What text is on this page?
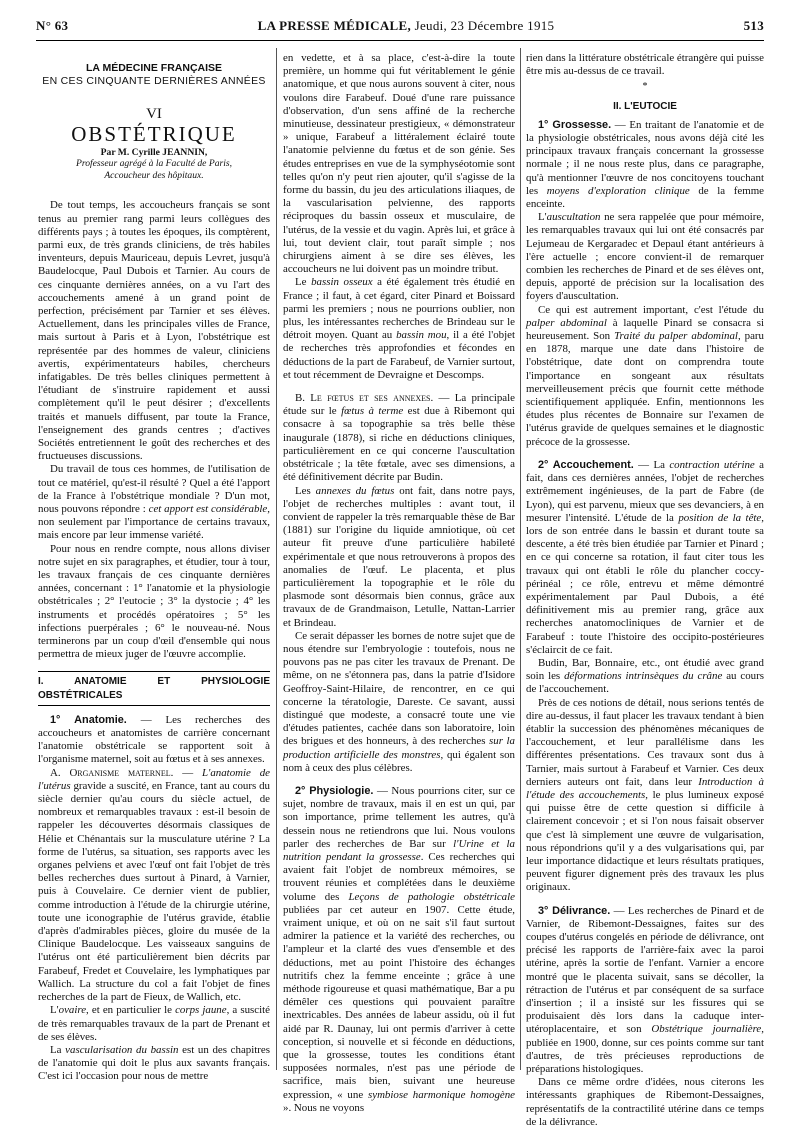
N° 63	LA PRESSE MÉDICALE, Jeudi, 23 Décembre 1915	513
LA MÉDECINE FRANÇAISE
EN CES CINQUANTE DERNIÈRES ANNÉES
VI
OBSTÉTRIQUE
Par M. Cyrille JEANNIN,
Professeur agrégé à la Faculté de Paris,
Accoucheur des hôpitaux.

De tout temps, les accoucheurs français se sont tenus au premier rang parmi leurs collègues des différents pays ; à toutes les époques, ils comptèrent, parmi eux, de très grands cliniciens, de très habiles inventeurs, depuis Mauriceau, depuis Levret, jusqu'à Baudelocque, Paul Dubois et Tarnier. Au cours de ces cinquante dernières années, on a vu l'art des accouchements amené à un grand point de perfection, précisément par Tarnier et ses élèves. Actuellement, dans les principales villes de France, mais surtout à Paris et à Lyon, l'obstétrique est représentée par des hommes de valeur, cliniciens avertis, expérimentateurs habiles, chercheurs infatigables. De très belles cliniques permettent à l'étudiant de s'instruire rapidement et aussi complètement qu'il le peut désirer ; d'excellents traités et manuels diffusent, par toute la France, l'enseignement des grands centres ; d'actives Sociétés entretiennent le goût des recherches et des fructueuses discussions.

Du travail de tous ces hommes, de l'utilisation de tout ce matériel, qu'est-il résulté ? Quel a été l'apport de la France à l'obstétrique mondiale ? D'un mot, nous pouvons répondre : cet apport est considérable, non seulement par l'importance de certains travaux, mais encore par leur immense variété.

Pour nous en rendre compte, nous allons diviser notre sujet en six paragraphes, et étudier, tour à tour, les travaux français de ces cinquante dernières années, concernant : 1° l'anatomie et la physiologie obstétricales ; 2° l'eutocie ; 3° la dystocie ; 4° les instruments et procédés opératoires ; 5° les infections puerpérales ; 6° le nouveau-né. Nous terminerons par un coup d'œil d'ensemble qui nous permettra de mieux juger de l'œuvre accomplie.

I. ANATOMIE ET PHYSIOLOGIE OBSTÉTRICALES

1° Anatomie. — Les recherches des accoucheurs et anatomistes de carrière concernant l'anatomie obstétricale se rapportent soit à l'organisme maternel, soit au fœtus et à ses annexes.

A. Organisme maternel. — L'anatomie de l'utérus gravide a suscité, en France, tant au cours du siècle dernier qu'au cours du siècle actuel, de nombreux et remarquables travaux : est-il besoin de rappeler les découvertes désormais classiques de Hélie et Chénantais sur la musculature utérine ? La forme de l'utérus, sa situation, ses rapports avec les organes pelviens et avec l'œuf ont fait l'objet de très belles recherches dues surtout à Pinard, à Varnier, puis à Couvelaire. Ce dernier vient de publier, comme introduction à l'étude de la chirurgie utérine, toute une iconographie de l'utérus gravide, établie d'après d'admirables pièces, gloire du musée de la Clinique Baudelocque. Les vaisseaux sanguins de l'utérus ont été particulièrement bien décrits par Farabeuf, Fredet et Couvelaire, les lymphatiques par Wallich. La structure du col a fait l'objet de fines recherches de la part de Fieux, de Wallich, etc.

L'ovaire, et en particulier le corps jaune, a suscité de très remarquables travaux de la part de Prenant et de ses élèves.

La vascularisation du bassin est un des chapitres de l'anatomie qui doit le plus aux savants français. C'est ici l'occasion pour nous de mettre

en vedette, et à sa place, c'est-à-dire la toute première, un homme qui fut véritablement le génie anatomique, et que nous aurons souvent à citer, nous voulons dire Farabeuf. Doué d'une rare puissance d'observation, d'un sens affiné de la recherche minutieuse, dessinateur prestigieux, « démonstrateur » unique, Farabeuf a littéralement éclairé toute l'anatomie pelvienne du fœtus et de son génie. Ses études entreprises en vue de la symphyséotomie sont telles qu'on n'y peut rien ajouter, qu'il s'agisse de la forme du bassin, du jeu des articulations iliaques, de la vascularisation pelvienne, des rapports réciproques du bassin osseux et musculaire, de l'utérus, de la vessie et du vagin. Après lui, et grâce à lui, tout devient clair, tout paraît simple ; nos chirurgiens aiment à se dire ses élèves, les accoucheurs ne lui doivent pas un moindre tribut.

Le bassin osseux a été également très étudié en France ; il faut, à cet égard, citer Pinard et Boissard parmi les premiers ; nous ne pourrions oublier, non plus, les intéressantes recherches de Brindeau sur le détroit moyen. Quant au bassin mou, il a été l'objet de recherches très approfondies et fécondes en déductions de la part de Farabeuf, de Varnier surtout, et tout récemment de Devraigne et Descomps.

B. Le fœtus et ses annexes. — La principale étude sur le fœtus à terme est due à Ribemont qui consacre à sa topographie sa très belle thèse inaugurale (1878), si riche en déductions cliniques, particulièrement en ce qui concerne l'auscultation obstétricale ; la tête fœtale, avec ses dimensions, a été définitivement décrite par Budin.

Les annexes du fœtus ont fait, dans notre pays, l'objet de recherches multiples : avant tout, il convient de rappeler la très remarquable thèse de Bar (1881) sur l'origine du liquide amniotique, où cet auteur fit preuve d'une particulière habileté expérimentale et que nous retrouverons à propos des anomalies de l'œuf. Le placenta, et plus particulièrement la topographie et le rôle du plasmode sont désormais bien connus, grâce aux travaux de de Grandmaison, Letulle, Nattan-Larrier et Brindeau.

Ce serait dépasser les bornes de notre sujet que de nous étendre sur l'embryologie : toutefois, nous ne pouvons pas ne pas citer les travaux de Prenant. De même, on ne s'étonnera pas, dans la patrie d'Isidore Geoffroy-Saint-Hilaire, de rencontrer, en ce qui concerne la tératologie, Dareste. Ce savant, aussi distingué que modeste, a consacré toute une vie d'études patientes, cachée dans son laboratoire, loin des brigues et des honneurs, à des recherches sur la production artificielle des monstres, qui égalent son nom à ceux des plus célèbres.

2° Physiologie. — Nous pourrions citer, sur ce sujet, nombre de travaux, mais il en est un qui, par son importance, prime tellement les autres, qu'à dessein nous ne retiendrons que lui. Nous voulons parler des recherches de Bar sur l'Urine et la nutrition pendant la grossesse. Ces recherches qui avaient fait l'objet de nombreux mémoires, se trouvent réunies et complétées dans le deuxième volume des Leçons de pathologie obstétricale publiées par cet auteur en 1907. Cette étude, vraiment unique, et où on ne sait s'il faut surtout admirer la patience et la variété des recherches, ou l'ampleur et la clarté des vues d'ensemble et des déductions, met au point l'histoire des échanges nutritifs chez la femme enceinte ; grâce à une méthode rigoureuse et quasi mathématique, Bar a pu démêler ces questions qui pouvaient paraître inextricables. Des années de labeur assidu, où il fut aidé par R. Daunay, lui ont permis d'arriver à cette conception, si nouvelle et si féconde en déductions, que la grossesse, toutes les conditions étant supposées normales, n'est pas une période de sacrifice, mais bien, suivant une heureuse expression, « une symbiose harmonique homogène ». Nous ne voyons

rien dans la littérature obstétricale étrangère qui puisse être mis au-dessus de ce travail.

*
II. L'EUTOCIE

1° Grossesse. — En traitant de l'anatomie et de la physiologie obstétricales, nous avons déjà cité les principaux travaux français concernant la grossesse normale ; il ne nous reste plus, dans ce paragraphe, qu'à mentionner l'œuvre de nos concitoyens touchant les moyens d'exploration clinique de la femme enceinte.

L'auscultation ne sera rappelée que pour mémoire, les remarquables travaux qui lui ont été consacrés par Lejumeau de Kergaradec et Depaul étant antérieurs à l'ère actuelle ; encore convient-il de remarquer combien les recherches de Pinard et de ses élèves ont, depuis, apporté de précision sur la localisation des foyers d'auscultation.

Ce qui est autrement important, c'est l'étude du palper abdominal à laquelle Pinard se consacra si heureusement. Son Traité du palper abdominal, paru en 1878, marque une date dans l'histoire de l'obstétrique, date dont on comprendra toute l'importance en songeant aux résultats merveilleusement précis que fournit cette méthode scientifiquement appliquée. Enfin, mentionnons les études plus récentes de Bonnaire sur l'examen de l'utérus gravide de quelques semaines et le diagnostic précoce de la grossesse.

2° Accouchement. — La contraction utérine a fait, dans ces dernières années, l'objet de recherches extrêmement ingénieuses, de la part de Fabre (de Lyon), qui est parvenu, mieux que ses devanciers, à en mesurer l'intensité. L'étude de la position de la tête, lors de son entrée dans le bassin et durant toute sa descente, a été très bien étudiée par Tarnier et Pinard ; en ce qui concerne sa rotation, il faut citer tous les travaux qui ont établi le rôle du plancher coccy-périnéal ; ce rôle, entrevu et même démontré expérimentalement par Paul Dubois, a été définitivement mis au premier rang, grâce aux recherches anatomocliniques de Varnier et de Farabeuf : toute l'histoire des occipito-postérieures s'éclaircit de ce fait.

Budin, Bar, Bonnaire, etc., ont étudié avec grand soin les déformations intrinsèques du crâne au cours de l'accouchement.

Près de ces notions de détail, nous serions tentés de dire au-dessus, il faut placer les travaux tendant à bien établir la succession des phénomènes mécaniques de l'accouchement, et leur parallélisme dans les différentes présentations. Ces travaux sont dus à Tarnier, mais surtout à Farabeuf et Varnier. Ces deux derniers auteurs ont fait, dans leur Introduction à l'étude des accouchements, le plus lumineux exposé qui puisse être de cette question si difficile à clairement concevoir ; et si l'on nous faisait observer que c'est là simplement une œuvre de vulgarisation, nous répondrions qu'il y a des vulgarisations qui, par leur importance didactique et leurs résultats pratiques, peuvent figurer dignement près des travaux les plus originaux.

3° Délivrance. — Les recherches de Pinard et de Varnier, de Ribemont-Dessaignes, faites sur des coupes d'utérus congelés en période de délivrance, ont précisé les rapports de l'arrière-faix avec la paroi utérine, après la sortie de l'enfant. Varnier a encore montré que le placenta suivait, sans se décoller, la rétraction de l'utérus et par conséquent de sa surface d'insertion ; il a insisté sur les fissures qui se produisaient dès lors dans la caduque inter-utéroplacentaire, et son Obstétrique journalière, publiée en 1900, donne, sur ces points comme sur tant d'autres, de très précieuses reproductions de préparations histologiques.

Dans ce même ordre d'idées, nous citerons les intéressants graphiques de Ribemont-Dessaignes, représentatifs de la contractilité utérine dans ce temps de la délivrance.
